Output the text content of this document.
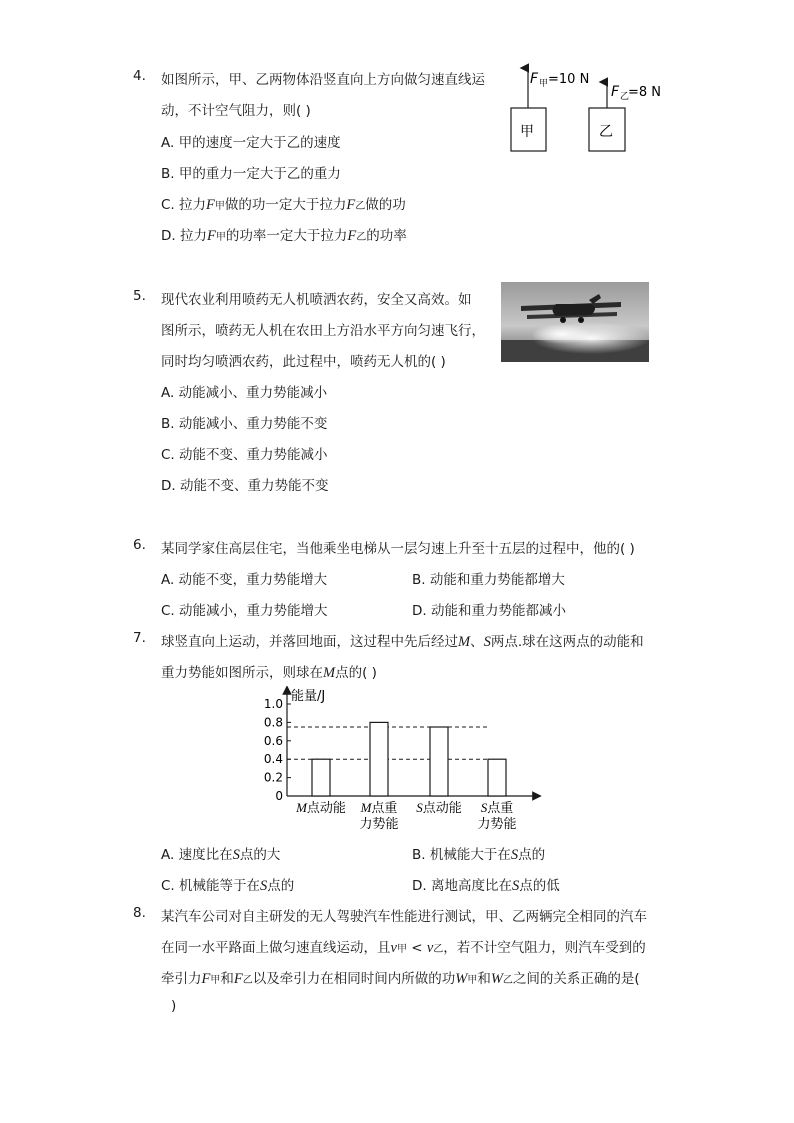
4.	如图所示，甲、乙两物体沿竖直向上方向做匀速直线运
动，不计空气阻力，则( )
A. 甲的速度一定大于乙的速度
B. 甲的重力一定大于乙的重力
C. 拉力F甲做的功一定大于拉力F乙做的功
D. 拉力F甲的功率一定大于拉力F乙的功率
甲
F 甲 =10 N
乙
F 乙
=8 N
5.	现代农业利用喷药无人机喷洒农药，安全又高效。如
图所示，喷药无人机在农田上方沿水平方向匀速飞行，
同时均匀喷洒农药，此过程中，喷药无人机的( )
A. 动能减小、重力势能减小
B. 动能减小、重力势能不变
C. 动能不变、重力势能减小
D. 动能不变、重力势能不变
6.	某同学家住高层住宅，当他乘坐电梯从一层匀速上升至十五层的过程中，他的( )
A. 动能不变，重力势能增大	B. 动能和重力势能都增大
C. 动能减小，重力势能增大	D. 动能和重力势能都减小
7.	球竖直向上运动，并落回地面，这过程中先后经过M、S两点.球在这两点的动能和
重力势能如图所示，则球在M点的( )
能量/J
0
0.2
0.4
0.6
0.8
1.0
M点动能 M点重
力势能
S点动能 S点重
力势能
A. 速度比在S点的大	B. 机械能大于在S点的
C. 机械能等于在S点的	D. 离地高度比在S点的低
8.	某汽车公司对自主研发的无人驾驶汽车性能进行测试，甲、乙两辆完全相同的汽车
在同一水平路面上做匀速直线运动，且v甲 < v乙，若不计空气阻力，则汽车受到的
牵引力F甲和F乙以及牵引力在相同时间内所做的功W甲和W乙之间的关系正确的是(
)
